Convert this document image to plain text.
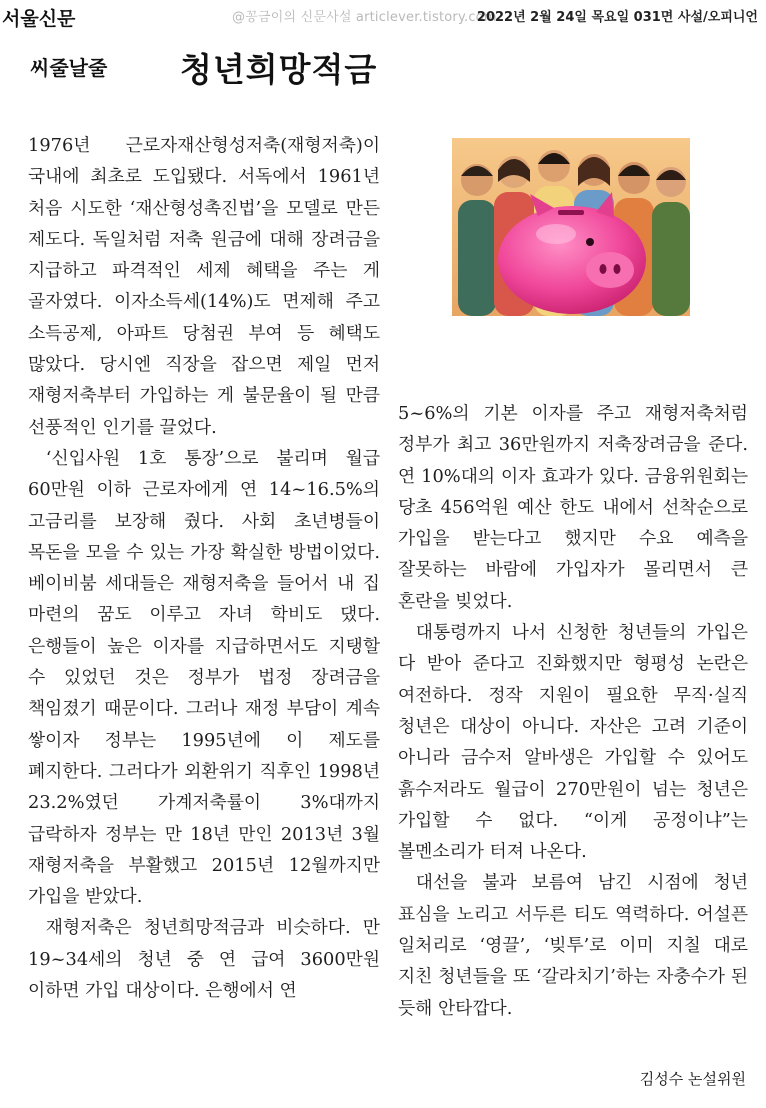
서울신문	@꽁금이의 신문사설 articlever.tistory.com
2022년 2월 24일 목요일 031면 사설/오피니언
씨줄날줄 청년희망적금

1976년 근로자재산형성저축(재형저축)이 국내에 최초로 도입됐다. 서독에서 1961년 처음 시도한 ‘재산형성촉진법’을 모델로 만든 제도다. 독일처럼 저축 원금에 대해 장려금을 지급하고 파격적인 세제 혜택을 주는 게 골자였다. 이자소득세(14%)도 면제해 주고 소득공제, 아파트 당첨권 부여 등 혜택도 많았다. 당시엔 직장을 잡으면 제일 먼저 재형저축부터 가입하는 게 불문율이 될 만큼 선풍적인 인기를 끌었다.

‘신입사원 1호 통장’으로 불리며 월급 60만원 이하 근로자에게 연 14~16.5%의 고금리를 보장해 줬다. 사회 초년병들이 목돈을 모을 수 있는 가장 확실한 방법이었다. 베이비붐 세대들은 재형저축을 들어서 내 집 마련의 꿈도 이루고 자녀 학비도 댔다. 은행들이 높은 이자를 지급하면서도 지탱할 수 있었던 것은 정부가 법정 장려금을 책임졌기 때문이다. 그러나 재정 부담이 계속 쌓이자 정부는 1995년에 이 제도를 폐지한다. 그러다가 외환위기 직후인 1998년 23.2%였던 가계저축률이 3%대까지 급락하자 정부는 만 18년 만인 2013년 3월 재형저축을 부활했고 2015년 12월까지만 가입을 받았다.

재형저축은 청년희망적금과 비슷하다. 만 19~34세의 청년 중 연 급여 3600만원 이하면 가입 대상이다. 은행에서 연

5~6%의 기본 이자를 주고 재형저축처럼 정부가 최고 36만원까지 저축장려금을 준다. 연 10%대의 이자 효과가 있다. 금융위원회는 당초 456억원 예산 한도 내에서 선착순으로 가입을 받는다고 했지만 수요 예측을 잘못하는 바람에 가입자가 몰리면서 큰 혼란을 빚었다.

대통령까지 나서 신청한 청년들의 가입은 다 받아 준다고 진화했지만 형평성 논란은 여전하다. 정작 지원이 필요한 무직·실직 청년은 대상이 아니다. 자산은 고려 기준이 아니라 금수저 알바생은 가입할 수 있어도 흙수저라도 월급이 270만원이 넘는 청년은 가입할 수 없다. “이게 공정이냐”는 볼멘소리가 터져 나온다.

대선을 불과 보름여 남긴 시점에 청년 표심을 노리고 서두른 티도 역력하다. 어설픈 일처리로 ‘영끌’, ‘빚투’로 이미 지칠 대로 지친 청년들을 또 ‘갈라치기’하는 자충수가 된 듯해 안타깝다.

김성수 논설위원
